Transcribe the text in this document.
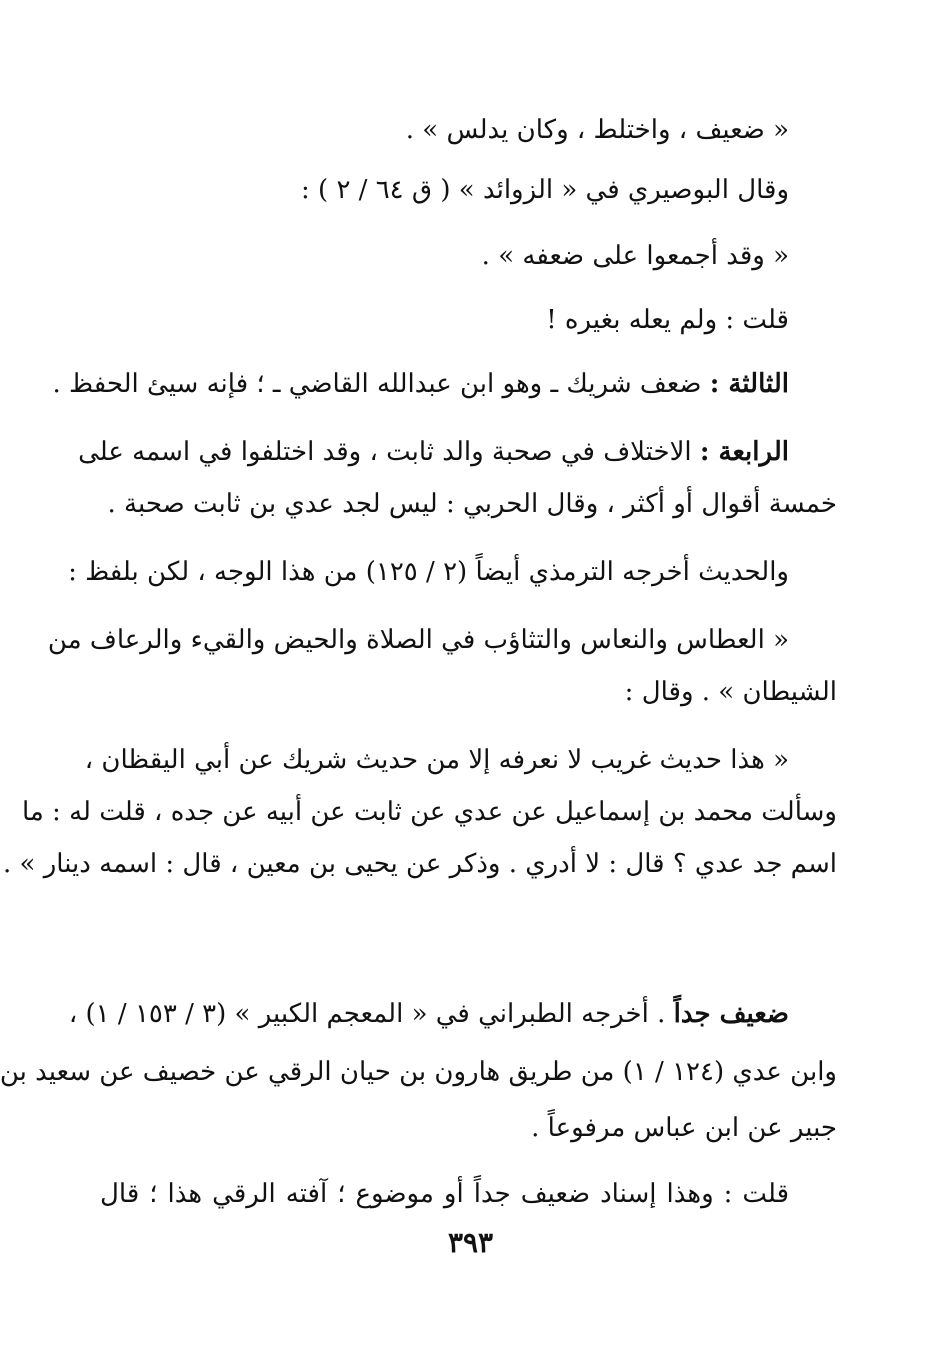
« ضعيف ، واختلط ، وكان يدلس » .
وقال البوصيري في « الزوائد » ( ق ٦٤ / ٢ ) :
« وقد أجمعوا على ضعفه » .
قلت : ولم يعله بغيره !
الثالثة : ضعف شريك ـ وهو ابن عبدالله القاضي ـ ؛ فإنه سيئ الحفظ .
الرابعة : الاختلاف في صحبة والد ثابت ، وقد اختلفوا في اسمه على
خمسة أقوال أو أكثر ، وقال الحربي : ليس لجد عدي بن ثابت صحبة .
والحديث أخرجه الترمذي أيضاً (٢ / ١٢٥) من هذا الوجه ، لكن بلفظ :
« العطاس والنعاس والتثاؤب في الصلاة والحيض والقيء والرعاف من
الشيطان » . وقال :
« هذا حديث غريب لا نعرفه إلا من حديث شريك عن أبي اليقظان ،
وسألت محمد بن إسماعيل عن عدي عن ثابت عن أبيه عن جده ، قلت له : ما
اسم جد عدي ؟ قال : لا أدري . وذكر عن يحيى بن معين ، قال : اسمه دينار » .
ضعيف جداً . أخرجه الطبراني في « المعجم الكبير » (٣ / ١٥٣ / ١) ،
وابن عدي (١٢٤ / ١) من طريق هارون بن حيان الرقي عن خصيف عن سعيد بن
جبير عن ابن عباس مرفوعاً .
قلت : وهذا إسناد ضعيف جداً أو موضوع ؛ آفته الرقي هذا ؛ قال
٣٩٣
